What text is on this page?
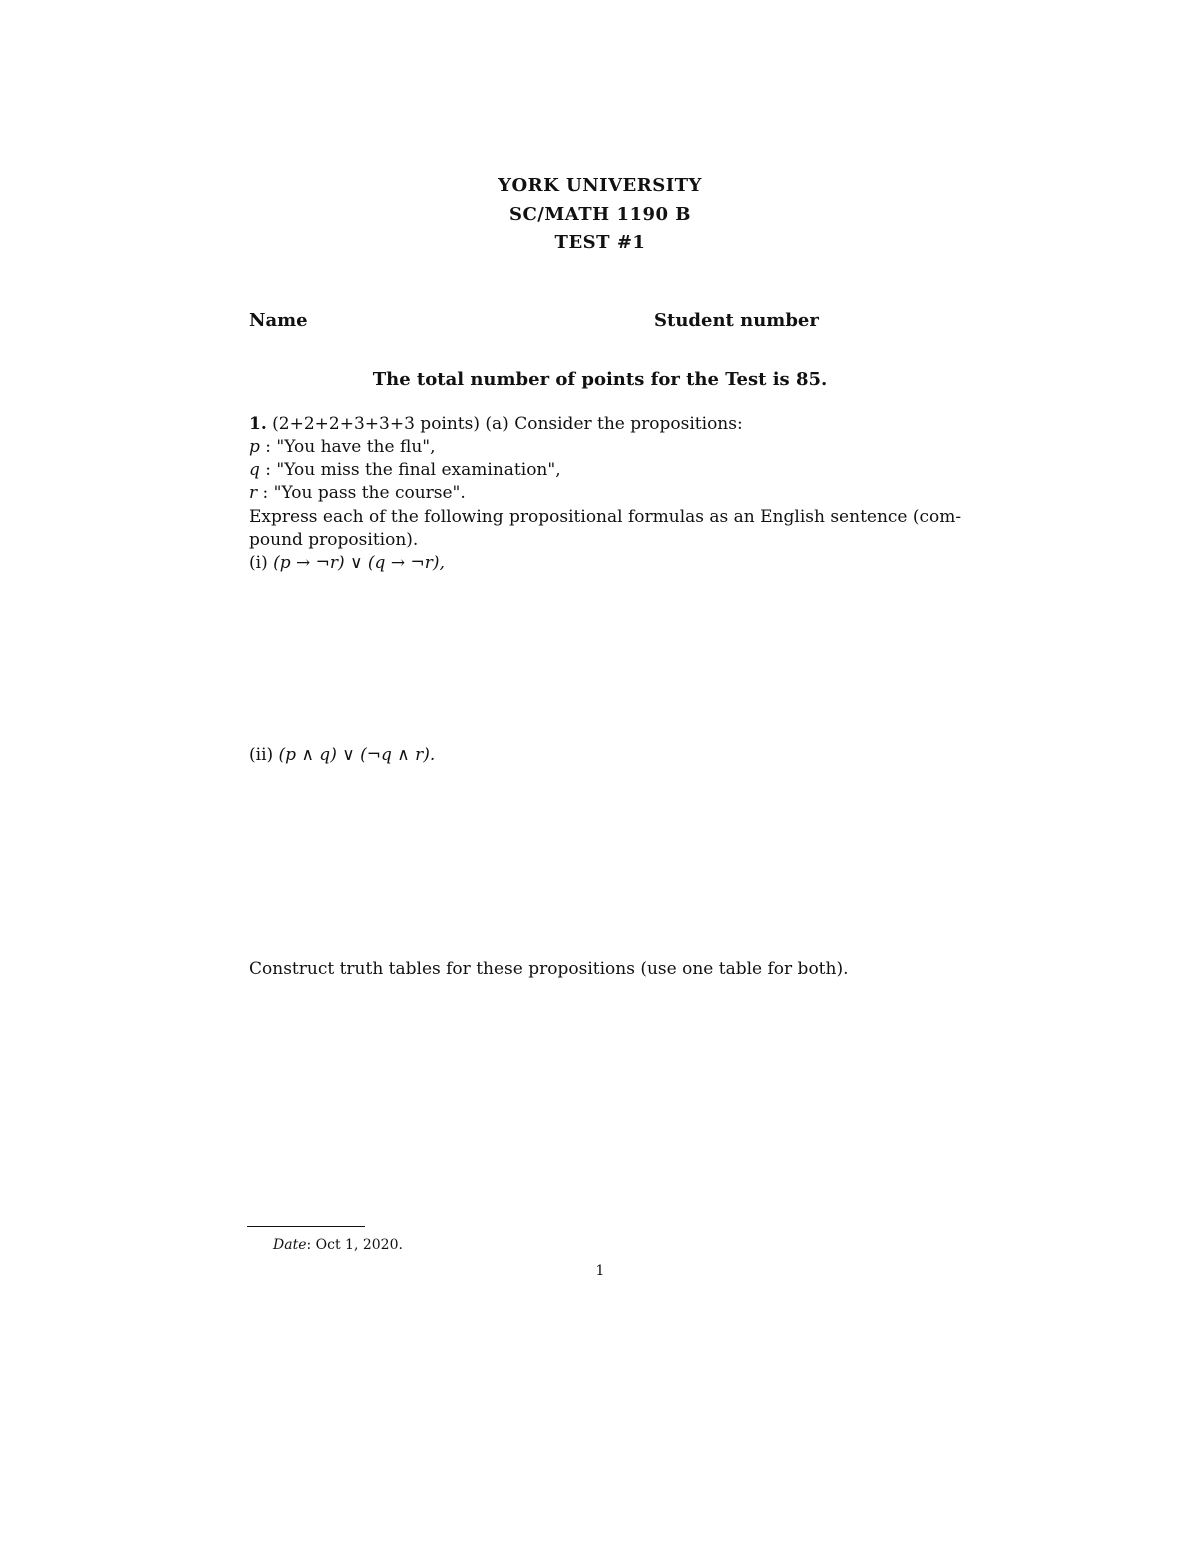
YORK UNIVERSITY
SC/MATH 1190 B
TEST #1
Name	Student number
The total number of points for the Test is 85.
1. (2+2+2+3+3+3 points) (a) Consider the propositions:
p : "You have the flu",
q : "You miss the final examination",
r : "You pass the course".
Express each of the following propositional formulas as an English sentence (com-
pound proposition).
(i) (p → ¬r) ∨ (q → ¬r),
(ii) (p ∧ q) ∨ (¬q ∧ r).
Construct truth tables for these propositions (use one table for both).
Date: Oct 1, 2020.
1
